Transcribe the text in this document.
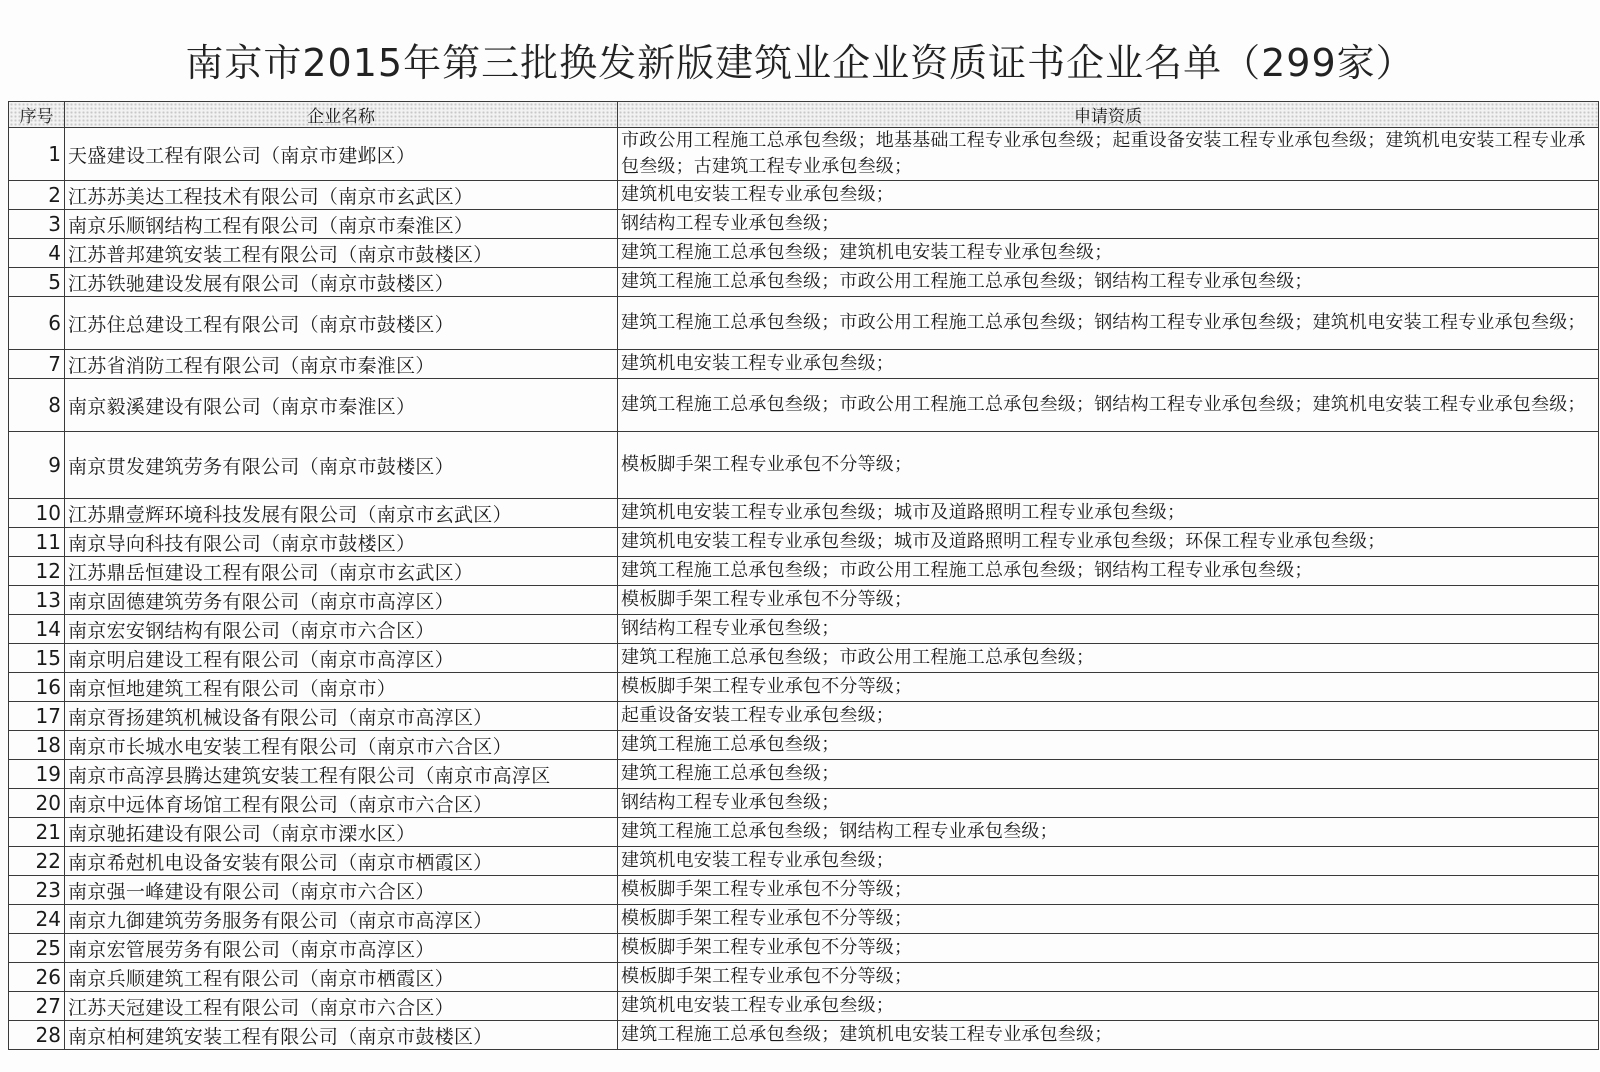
南京市2015年第三批换发新版建筑业企业资质证书企业名单（299家）
序号	企业名称	申请资质
1	天盛建设工程有限公司（南京市建邺区）	市政公用工程施工总承包叁级；地基基础工程专业承包叁级；起重设备安装工程专业承包叁级；建筑机电安装工程专业承包叁级；古建筑工程专业承包叁级；
2	江苏苏美达工程技术有限公司（南京市玄武区）	建筑机电安装工程专业承包叁级；
3	南京乐顺钢结构工程有限公司（南京市秦淮区）	钢结构工程专业承包叁级；
4	江苏普邦建筑安装工程有限公司（南京市鼓楼区）	建筑工程施工总承包叁级；建筑机电安装工程专业承包叁级；
5	江苏铁驰建设发展有限公司（南京市鼓楼区）	建筑工程施工总承包叁级；市政公用工程施工总承包叁级；钢结构工程专业承包叁级；
6	江苏住总建设工程有限公司（南京市鼓楼区）	建筑工程施工总承包叁级；市政公用工程施工总承包叁级；钢结构工程专业承包叁级；建筑机电安装工程专业承包叁级；
7	江苏省消防工程有限公司（南京市秦淮区）	建筑机电安装工程专业承包叁级；
8	南京毅溪建设有限公司（南京市秦淮区）	建筑工程施工总承包叁级；市政公用工程施工总承包叁级；钢结构工程专业承包叁级；建筑机电安装工程专业承包叁级；
9	南京贯发建筑劳务有限公司（南京市鼓楼区）	模板脚手架工程专业承包不分等级；
10	江苏鼎壹辉环境科技发展有限公司（南京市玄武区）	建筑机电安装工程专业承包叁级；城市及道路照明工程专业承包叁级；
11	南京导向科技有限公司（南京市鼓楼区）	建筑机电安装工程专业承包叁级；城市及道路照明工程专业承包叁级；环保工程专业承包叁级；
12	江苏鼎岳恒建设工程有限公司（南京市玄武区）	建筑工程施工总承包叁级；市政公用工程施工总承包叁级；钢结构工程专业承包叁级；
13	南京固德建筑劳务有限公司（南京市高淳区）	模板脚手架工程专业承包不分等级；
14	南京宏安钢结构有限公司（南京市六合区）	钢结构工程专业承包叁级；
15	南京明启建设工程有限公司（南京市高淳区）	建筑工程施工总承包叁级；市政公用工程施工总承包叁级；
16	南京恒地建筑工程有限公司（南京市）	模板脚手架工程专业承包不分等级；
17	南京胥扬建筑机械设备有限公司（南京市高淳区）	起重设备安装工程专业承包叁级；
18	南京市长城水电安装工程有限公司（南京市六合区）	建筑工程施工总承包叁级；
19	南京市高淳县腾达建筑安装工程有限公司（南京市高淳区	建筑工程施工总承包叁级；
20	南京中远体育场馆工程有限公司（南京市六合区）	钢结构工程专业承包叁级；
21	南京驰拓建设有限公司（南京市溧水区）	建筑工程施工总承包叁级；钢结构工程专业承包叁级；
22	南京希尅机电设备安装有限公司（南京市栖霞区）	建筑机电安装工程专业承包叁级；
23	南京强一峰建设有限公司（南京市六合区）	模板脚手架工程专业承包不分等级；
24	南京九御建筑劳务服务有限公司（南京市高淳区）	模板脚手架工程专业承包不分等级；
25	南京宏管展劳务有限公司（南京市高淳区）	模板脚手架工程专业承包不分等级；
26	南京兵顺建筑工程有限公司（南京市栖霞区）	模板脚手架工程专业承包不分等级；
27	江苏天冠建设工程有限公司（南京市六合区）	建筑机电安装工程专业承包叁级；
28	南京柏柯建筑安装工程有限公司（南京市鼓楼区）	建筑工程施工总承包叁级；建筑机电安装工程专业承包叁级；
